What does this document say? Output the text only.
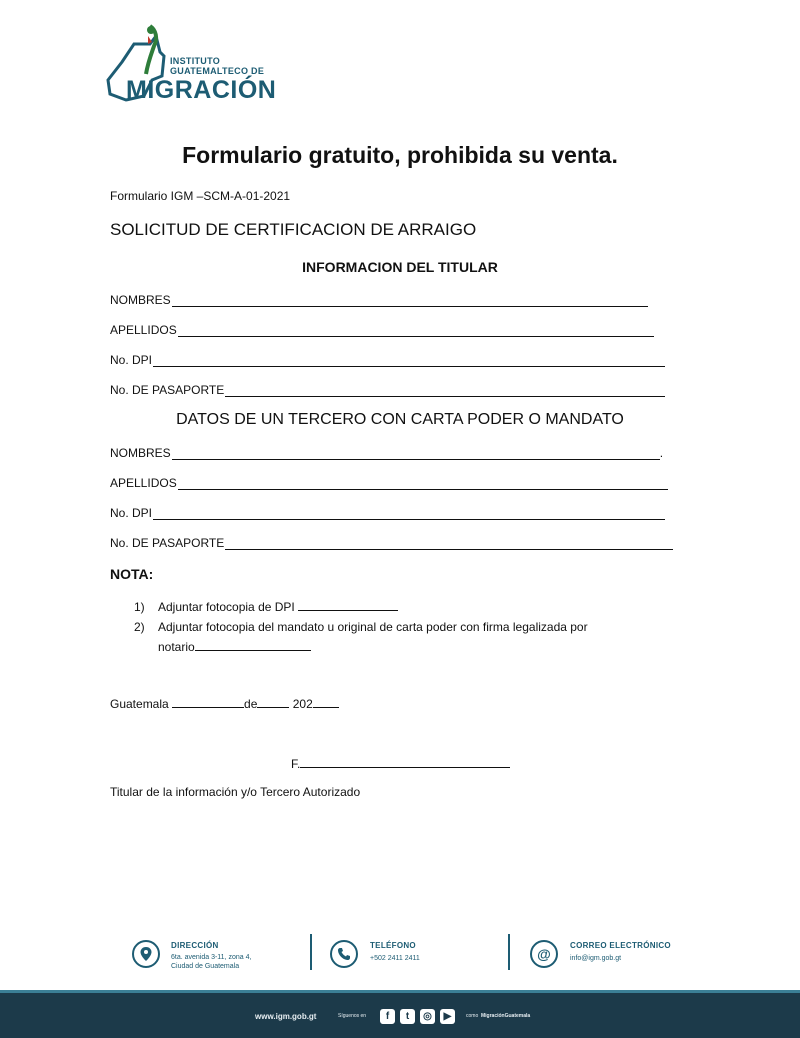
INSTITUTO
GUATEMALTECO DE
MIGRACIÓN
Formulario gratuito, prohibida su venta.
Formulario IGM –SCM-A-01-2021
SOLICITUD DE CERTIFICACION DE ARRAIGO
INFORMACION DEL TITULAR
NOMBRES
APELLIDOS
No. DPI
No. DE PASAPORTE
DATOS DE UN TERCERO CON CARTA PODER O MANDATO
NOMBRES	.
APELLIDOS
No. DPI
No. DE PASAPORTE
NOTA:
1)	Adjuntar fotocopia de DPI
2)	Adjuntar fotocopia del mandato u original de carta poder con firma legalizada por
notario
Guatemala	de	202
F.
Titular de la información y/o Tercero Autorizado
DIRECCIÓN
6ta. avenida 3-11, zona 4,
Ciudad de Guatemala
TELÉFONO
+502 2411 2411	@
CORREO ELECTRÓNICO
info@igm.gob.gt
www.igm.gob.gt	Síguenos en	f	t	◎	▶	como MigraciónGuatemala
